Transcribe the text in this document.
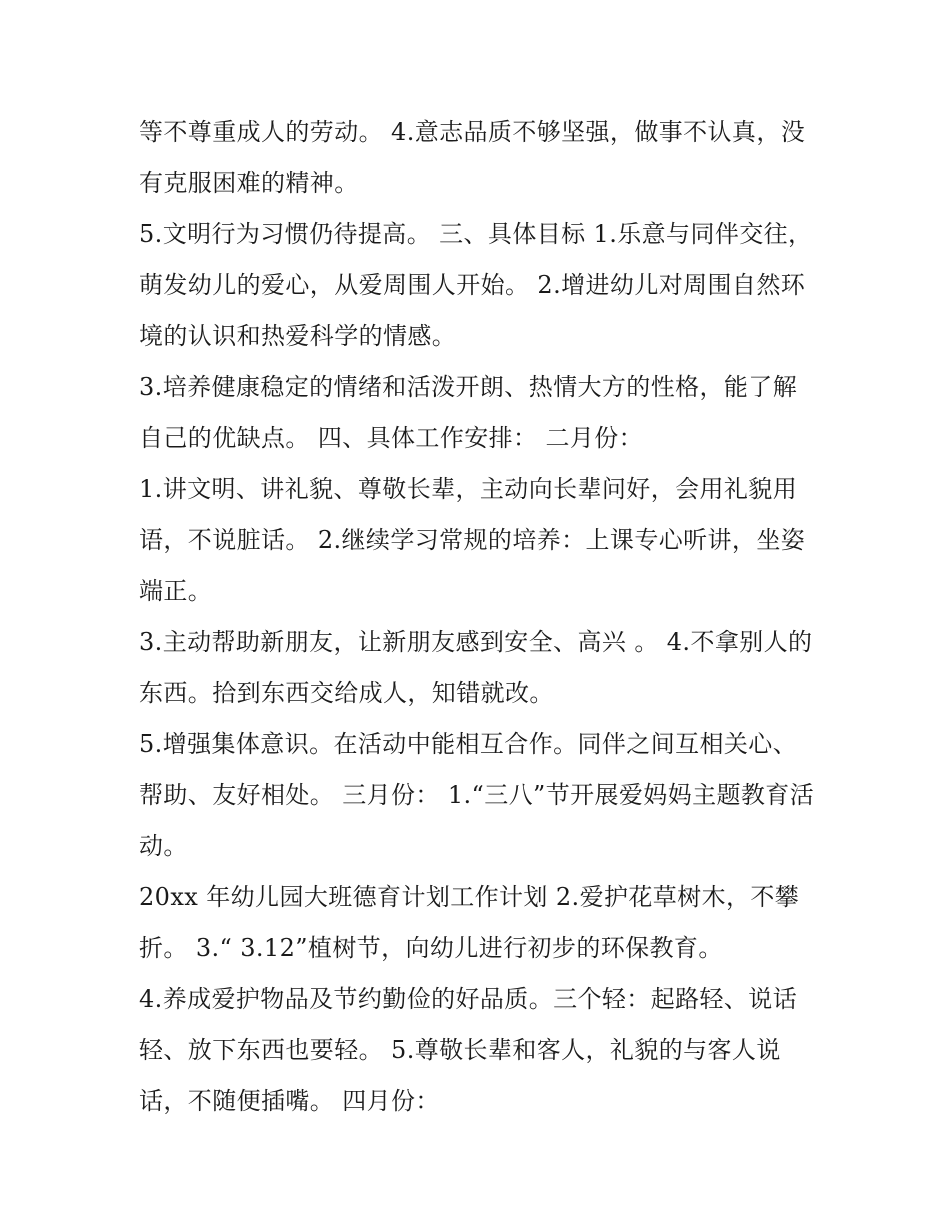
等不尊重成人的劳动。 4.意志品质不够坚强，做事不认真，没
有克服困难的精神。
5.文明行为习惯仍待提高。 三、具体目标 1.乐意与同伴交往，
萌发幼儿的爱心，从爱周围人开始。 2.增进幼儿对周围自然环
境的认识和热爱科学的情感。
3.培养健康稳定的情绪和活泼开朗、热情大方的性格，能了解
自己的优缺点。 四、具体工作安排： 二月份：
1.讲文明、讲礼貌、尊敬长辈，主动向长辈问好，会用礼貌用
语，不说脏话。 2.继续学习常规的培养：上课专心听讲，坐姿
端正。
3.主动帮助新朋友，让新朋友感到安全、高兴 。 4.不拿别人的
东西。拾到东西交给成人，知错就改。
5.增强集体意识。在活动中能相互合作。同伴之间互相关心、
帮助、友好相处。 三月份： 1.“三八”节开展爱妈妈主题教育活
动。
20xx 年幼儿园大班德育计划工作计划 2.爱护花草树木，不攀
折。 3.“ 3.12”植树节，向幼儿进行初步的环保教育。
4.养成爱护物品及节约勤俭的好品质。三个轻：起路轻、说话
轻、放下东西也要轻。 5.尊敬长辈和客人，礼貌的与客人说
话，不随便插嘴。 四月份：
